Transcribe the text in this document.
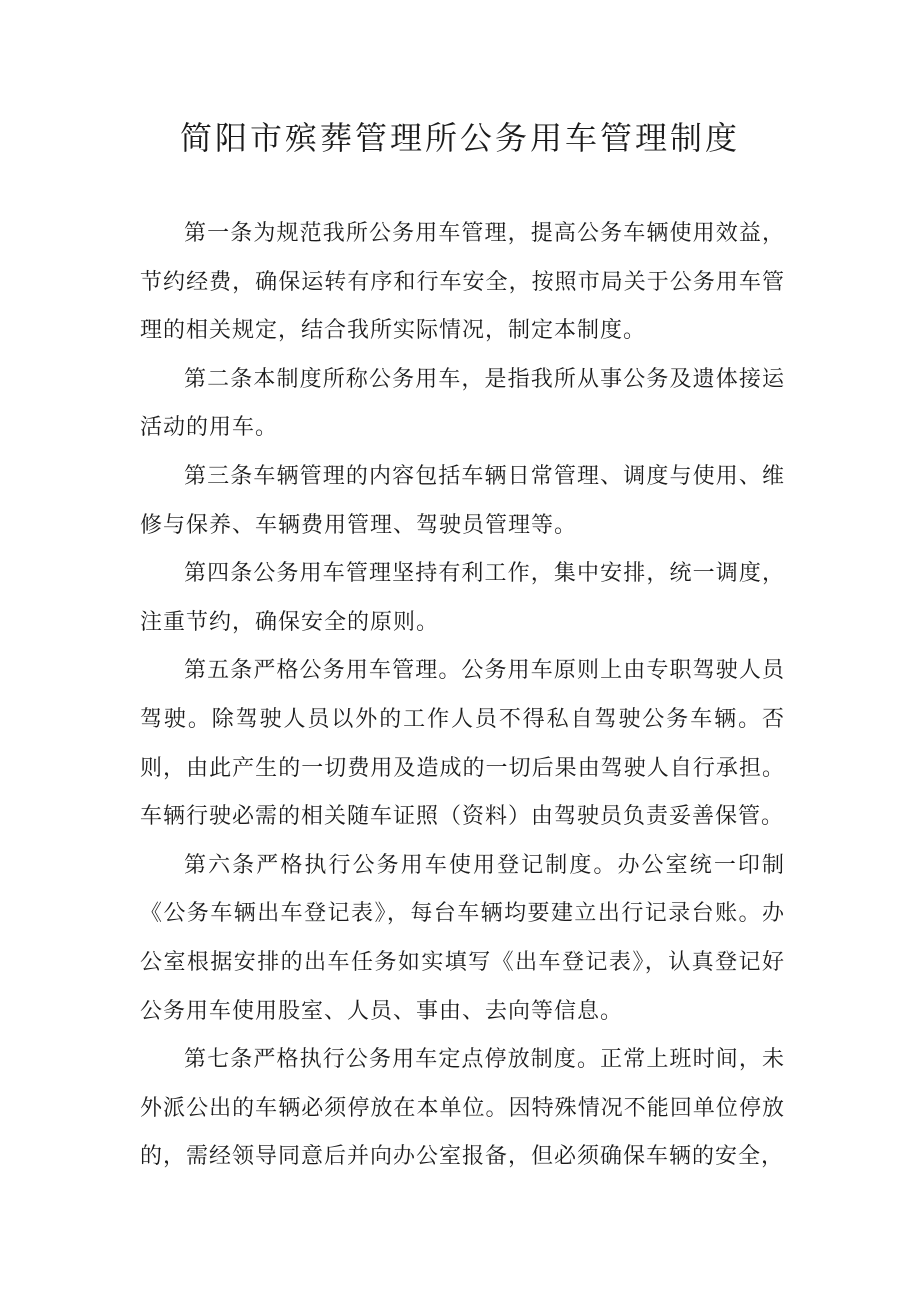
简阳市殡葬管理所公务用车管理制度

第一条为规范我所公务用车管理，提高公务车辆使用效益，节约经费，确保运转有序和行车安全，按照市局关于公务用车管理的相关规定，结合我所实际情况，制定本制度。

第二条本制度所称公务用车，是指我所从事公务及遗体接运活动的用车。

第三条车辆管理的内容包括车辆日常管理、调度与使用、维修与保养、车辆费用管理、驾驶员管理等。

第四条公务用车管理坚持有利工作，集中安排，统一调度，注重节约，确保安全的原则。

第五条严格公务用车管理。公务用车原则上由专职驾驶人员驾驶。除驾驶人员以外的工作人员不得私自驾驶公务车辆。否则，由此产生的一切费用及造成的一切后果由驾驶人自行承担。车辆行驶必需的相关随车证照（资料）由驾驶员负责妥善保管。

第六条严格执行公务用车使用登记制度。办公室统一印制《公务车辆出车登记表》，每台车辆均要建立出行记录台账。办公室根据安排的出车任务如实填写《出车登记表》，认真登记好公务用车使用股室、人员、事由、去向等信息。

第七条严格执行公务用车定点停放制度。正常上班时间，未外派公出的车辆必须停放在本单位。因特殊情况不能回单位停放的，需经领导同意后并向办公室报备，但必须确保车辆的安全，
